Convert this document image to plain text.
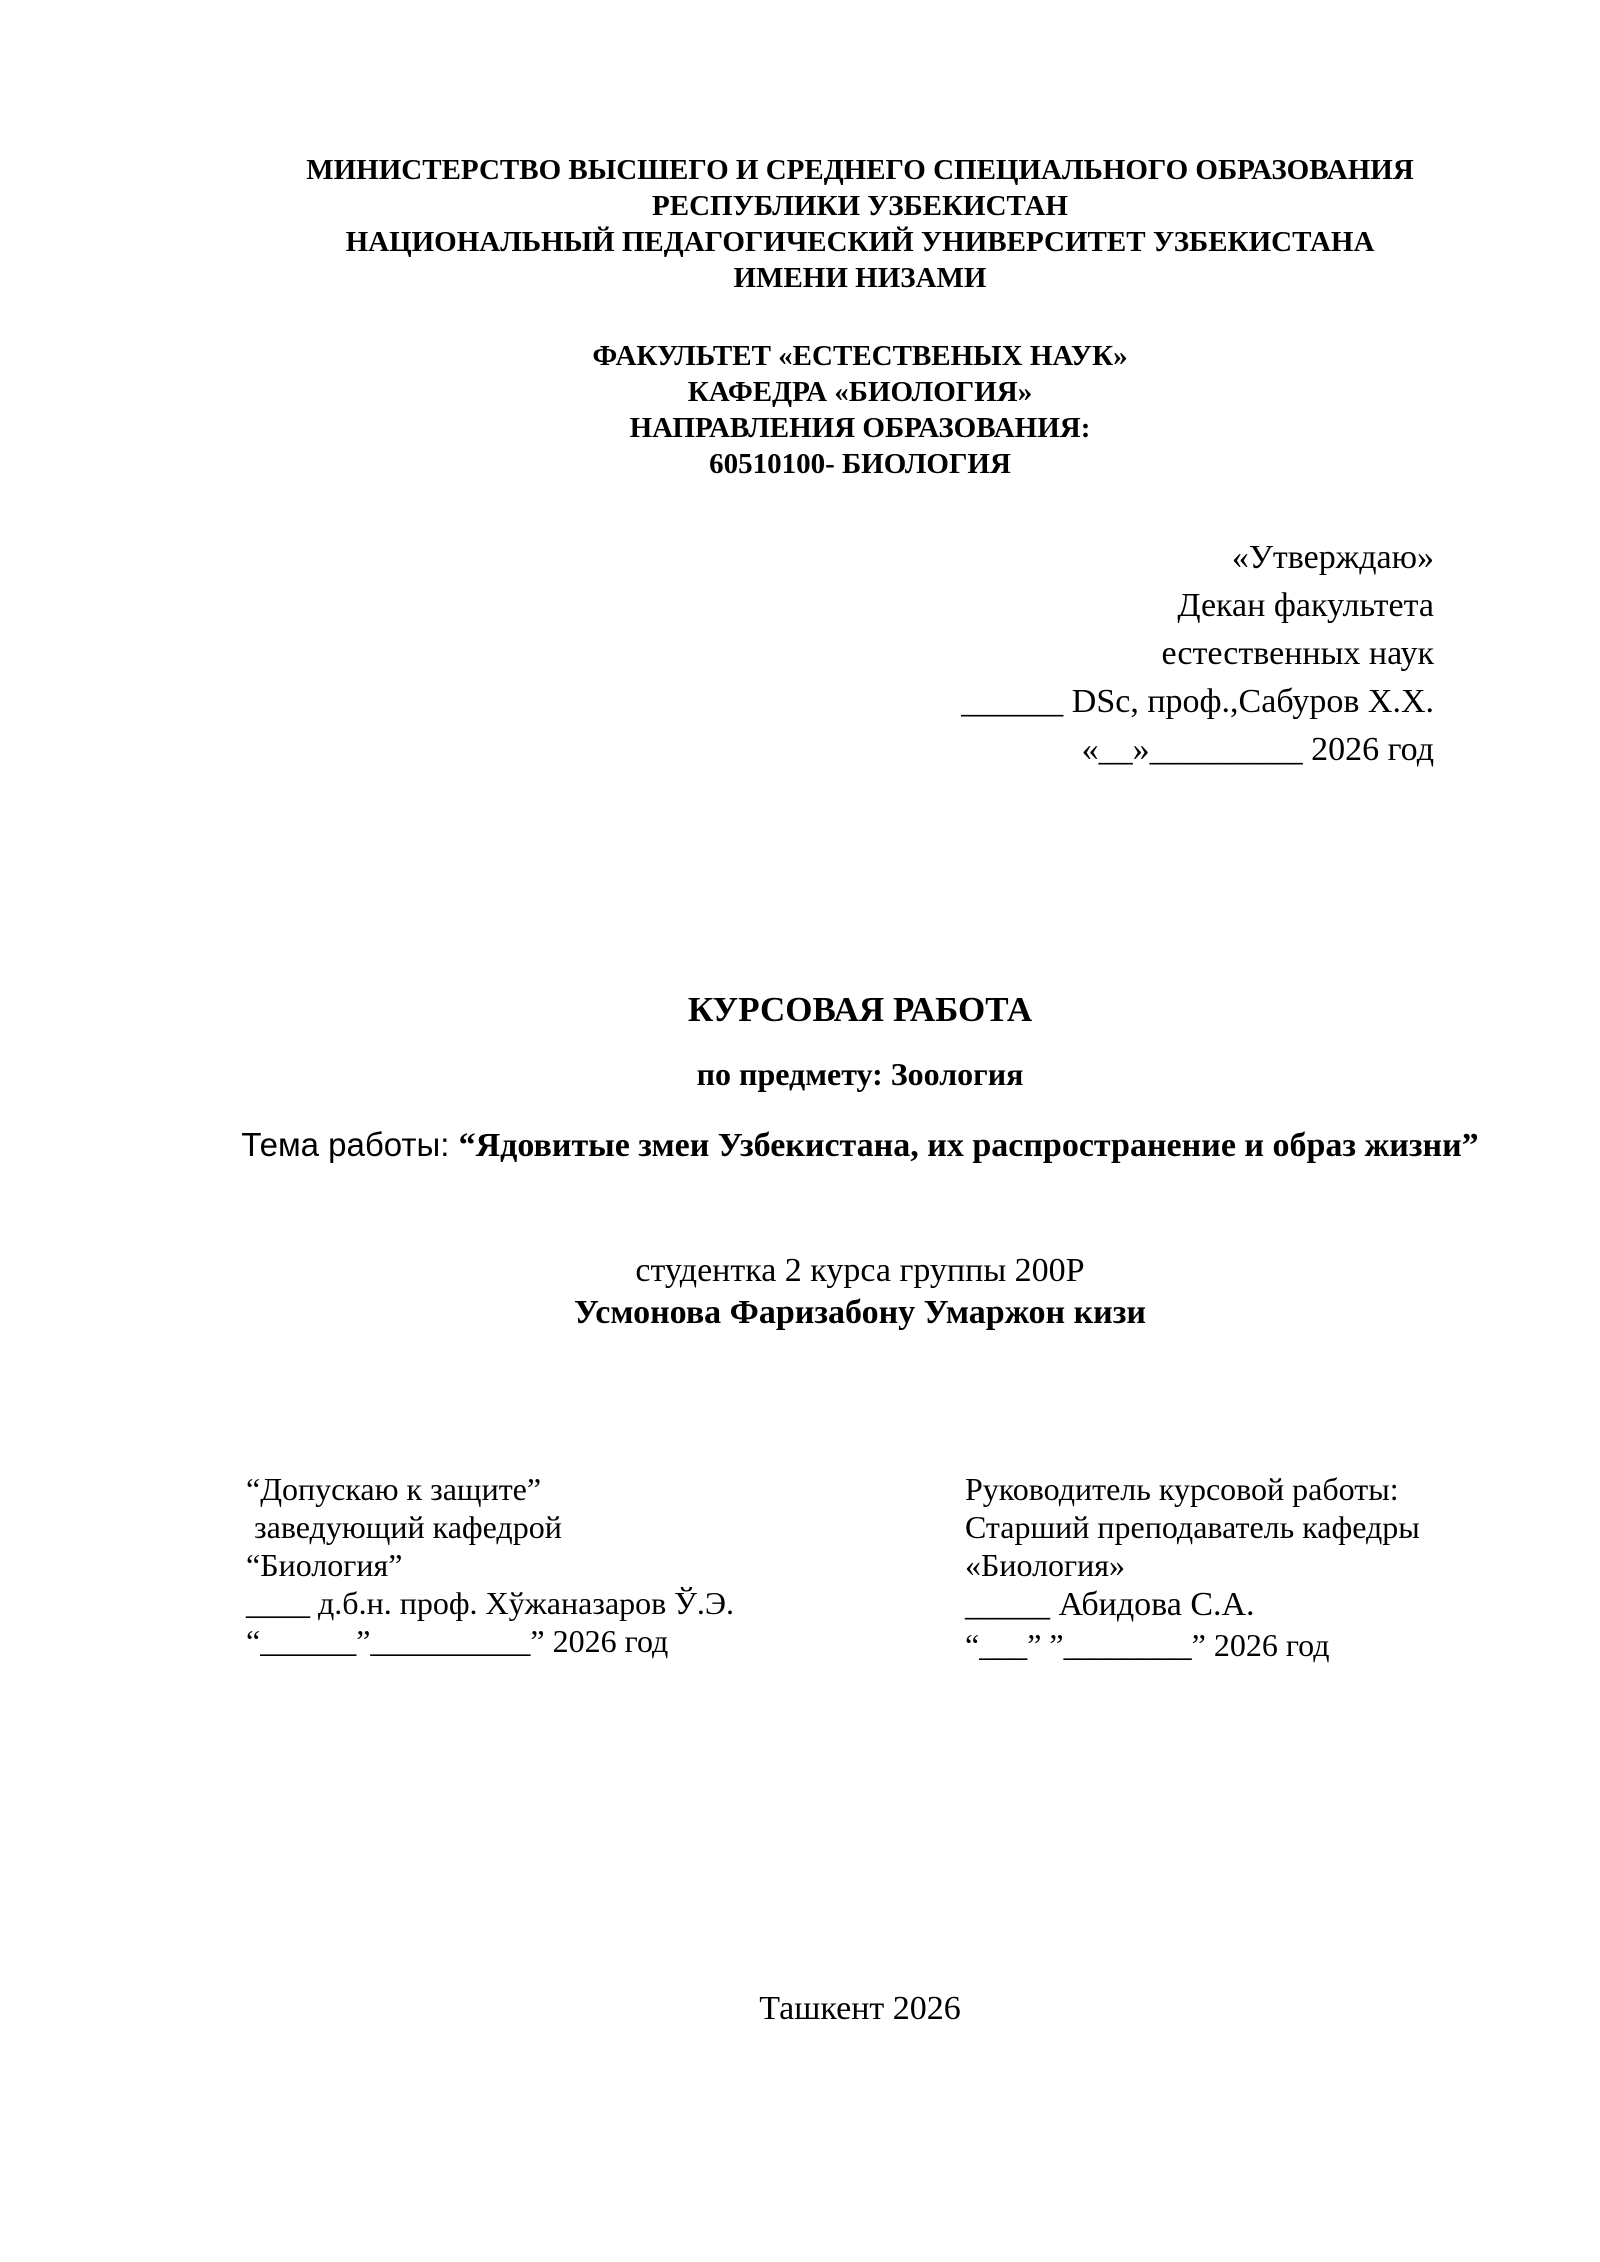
МИНИСТЕРСТВО ВЫСШЕГО И СРЕДНЕГО СПЕЦИАЛЬНОГО ОБРАЗОВАНИЯ
РЕСПУБЛИКИ УЗБЕКИСТАН
НАЦИОНАЛЬНЫЙ ПЕДАГОГИЧЕСКИЙ УНИВЕРСИТЕТ УЗБЕКИСТАНА
ИМЕНИ НИЗАМИ
ФАКУЛЬТЕТ «ЕСТЕСТВЕНЫХ НАУК»
КАФЕДРА «БИОЛОГИЯ»
НАПРАВЛЕНИЯ ОБРАЗОВАНИЯ:
60510100- БИОЛОГИЯ
«Утверждаю»
Декан факультета
естественных наук
______ DSc, проф.,Сабуров Х.Х.
«__»_________ 2026 год
КУРСОВАЯ РАБОТА
по предмету: Зоология
Тема работы: “Ядовитые змеи Узбекистана, их распространение и образ жизни”
студентка 2 курса группы 200Р
Усмонова Фаризабону Умаржон кизи
“Допускаю к защите”
заведующий кафедрой
“Биология”
____ д.б.н. проф. Хўжаназаров Ў.Э.
“______”__________” 2026 год
Руководитель курсовой работы:
Старший преподаватель кафедры
«Биология»
_____ Абидова С.А.
“___” ”________” 2026 год
Ташкент 2026
